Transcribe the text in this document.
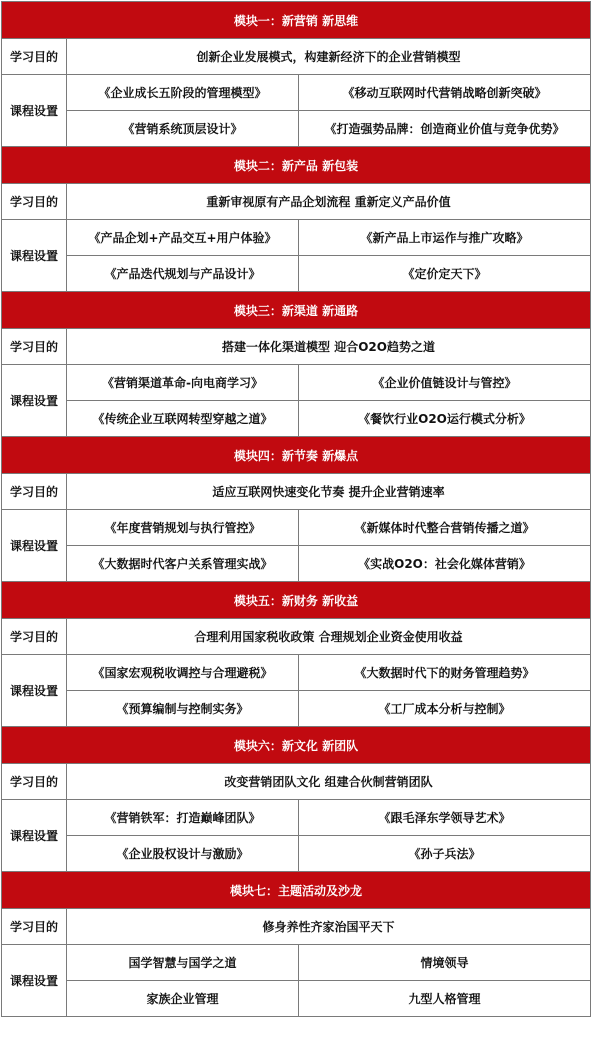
模块一：新营销 新思维		
学习目的	创新企业发展模式，构建新经济下的企业营销模型	
课程设置	《企业成长五阶段的管理模型》	《移动互联网时代营销战略创新突破》
	《营销系统顶层设计》	《打造强势品牌：创造商业价值与竞争优势》
模块二：新产品 新包装		
学习目的	重新审视原有产品企划流程 重新定义产品价值	
课程设置	《产品企划+产品交互+用户体验》	《新产品上市运作与推广攻略》
	《产品迭代规划与产品设计》	《定价定天下》
模块三：新渠道 新通路		
学习目的	搭建一体化渠道模型 迎合O2O趋势之道	
课程设置	《营销渠道革命-向电商学习》	《企业价值链设计与管控》
	《传统企业互联网转型穿越之道》	《餐饮行业O2O运行模式分析》
模块四：新节奏 新爆点		
学习目的	适应互联网快速变化节奏 提升企业营销速率	
课程设置	《年度营销规划与执行管控》	《新媒体时代整合营销传播之道》
	《大数据时代客户关系管理实战》	《实战O2O：社会化媒体营销》
模块五：新财务 新收益		
学习目的	合理利用国家税收政策 合理规划企业资金使用收益	
课程设置	《国家宏观税收调控与合理避税》	《大数据时代下的财务管理趋势》
	《预算编制与控制实务》	《工厂成本分析与控制》
模块六：新文化 新团队		
学习目的	改变营销团队文化 组建合伙制营销团队	
课程设置	《营销铁军：打造巅峰团队》	《跟毛泽东学领导艺术》
	《企业股权设计与激励》	《孙子兵法》
模块七：主题活动及沙龙		
学习目的	修身养性齐家治国平天下	
课程设置	国学智慧与国学之道	情境领导
	家族企业管理	九型人格管理
